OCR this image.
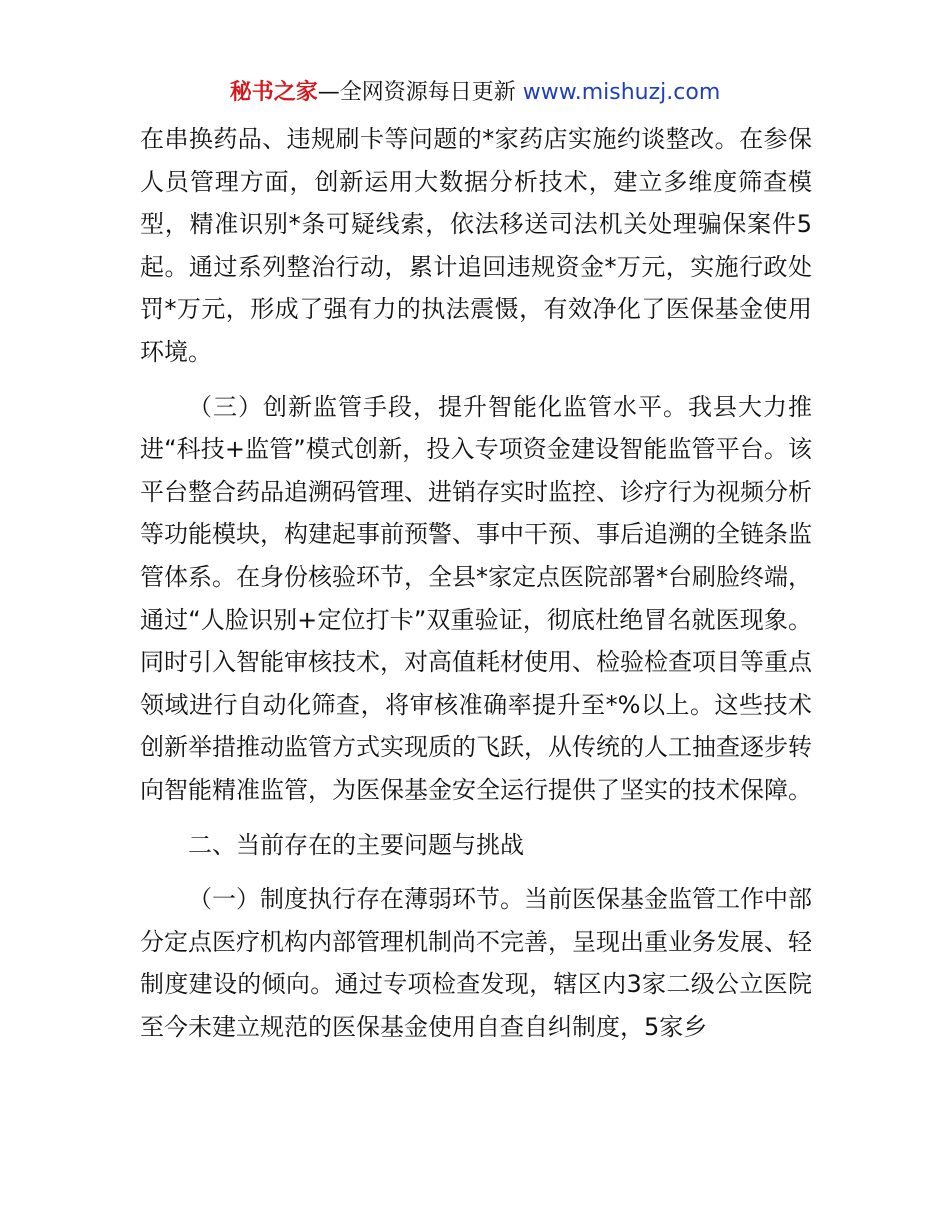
秘书之家—全网资源每日更新 www.mishuzj.com

在串换药品、违规刷卡等问题的*家药店实施约谈整改。在参保人员管理方面，创新运用大数据分析技术，建立多维度筛查模型，精准识别*条可疑线索，依法移送司法机关处理骗保案件5起。通过系列整治行动，累计追回违规资金*万元，实施行政处罚*万元，形成了强有力的执法震慑，有效净化了医保基金使用环境。

（三）创新监管手段，提升智能化监管水平。我县大力推进“科技+监管”模式创新，投入专项资金建设智能监管平台。该平台整合药品追溯码管理、进销存实时监控、诊疗行为视频分析等功能模块，构建起事前预警、事中干预、事后追溯的全链条监管体系。在身份核验环节，全县*家定点医院部署*台刷脸终端，通过“人脸识别+定位打卡”双重验证，彻底杜绝冒名就医现象。同时引入智能审核技术，对高值耗材使用、检验检查项目等重点领域进行自动化筛查，将审核准确率提升至*%以上。这些技术创新举措推动监管方式实现质的飞跃，从传统的人工抽查逐步转向智能精准监管，为医保基金安全运行提供了坚实的技术保障。

二、当前存在的主要问题与挑战

（一）制度执行存在薄弱环节。当前医保基金监管工作中部分定点医疗机构内部管理机制尚不完善，呈现出重业务发展、轻制度建设的倾向。通过专项检查发现，辖区内3家二级公立医院至今未建立规范的医保基金使用自查自纠制度，5家乡
